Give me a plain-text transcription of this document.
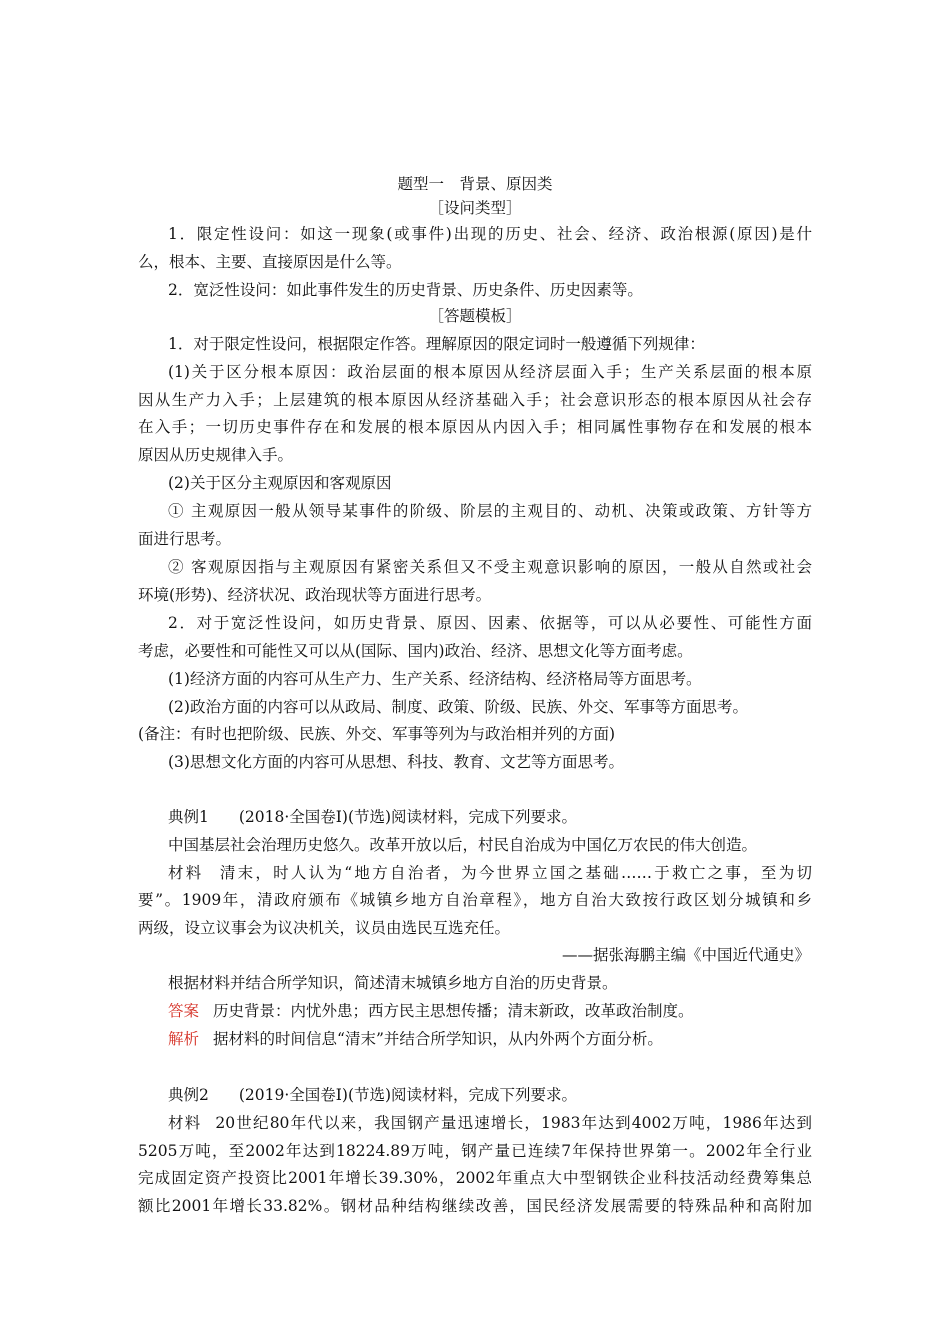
题型一　背景、原因类
［设问类型］
1．限定性设问：如这一现象(或事件)出现的历史、社会、经济、政治根源(原因)是什
么，根本、主要、直接原因是什么等。
2．宽泛性设问：如此事件发生的历史背景、历史条件、历史因素等。
［答题模板］
1．对于限定性设问，根据限定作答。理解原因的限定词时一般遵循下列规律：
(1)关于区分根本原因：政治层面的根本原因从经济层面入手；生产关系层面的根本原
因从生产力入手；上层建筑的根本原因从经济基础入手；社会意识形态的根本原因从社会存
在入手；一切历史事件存在和发展的根本原因从内因入手；相同属性事物存在和发展的根本
原因从历史规律入手。
(2)关于区分主观原因和客观原因
① 主观原因一般从领导某事件的阶级、阶层的主观目的、动机、决策或政策、方针等方
面进行思考。
② 客观原因指与主观原因有紧密关系但又不受主观意识影响的原因，一般从自然或社会
环境(形势)、经济状况、政治现状等方面进行思考。
2．对于宽泛性设问，如历史背景、原因、因素、依据等，可以从必要性、可能性方面
考虑，必要性和可能性又可以从(国际、国内)政治、经济、思想文化等方面考虑。
(1)经济方面的内容可从生产力、生产关系、经济结构、经济格局等方面思考。
(2)政治方面的内容可以从政局、制度、政策、阶级、民族、外交、军事等方面思考。
(备注：有时也把阶级、民族、外交、军事等列为与政治相并列的方面)
(3)思想文化方面的内容可从思想、科技、教育、文艺等方面思考。
典例1 (2018·全国卷Ⅰ)(节选)阅读材料，完成下列要求。
中国基层社会治理历史悠久。改革开放以后，村民自治成为中国亿万农民的伟大创造。
材料 清末，时人认为“地方自治者，为今世界立国之基础……于救亡之事，至为切
要”。1909年，清政府颁布《城镇乡地方自治章程》，地方自治大致按行政区划分城镇和乡
两级，设立议事会为议决机关，议员由选民互选充任。
——据张海鹏主编《中国近代通史》
根据材料并结合所学知识，简述清末城镇乡地方自治的历史背景。
答案 历史背景：内忧外患；西方民主思想传播；清末新政，改革政治制度。
解析 据材料的时间信息“清末”并结合所学知识，从内外两个方面分析。
典例2 (2019·全国卷Ⅰ)(节选)阅读材料，完成下列要求。
材料 20世纪80年代以来，我国钢产量迅速增长，1983年达到4002万吨，1986年达到
5205万吨，至2002年达到18224.89万吨，钢产量已连续7年保持世界第一。2002年全行业
完成固定资产投资比2001年增长39.30%，2002年重点大中型钢铁企业科技活动经费筹集总
额比2001年增长33.82%。钢材品种结构继续改善，国民经济发展需要的特殊品种和高附加
